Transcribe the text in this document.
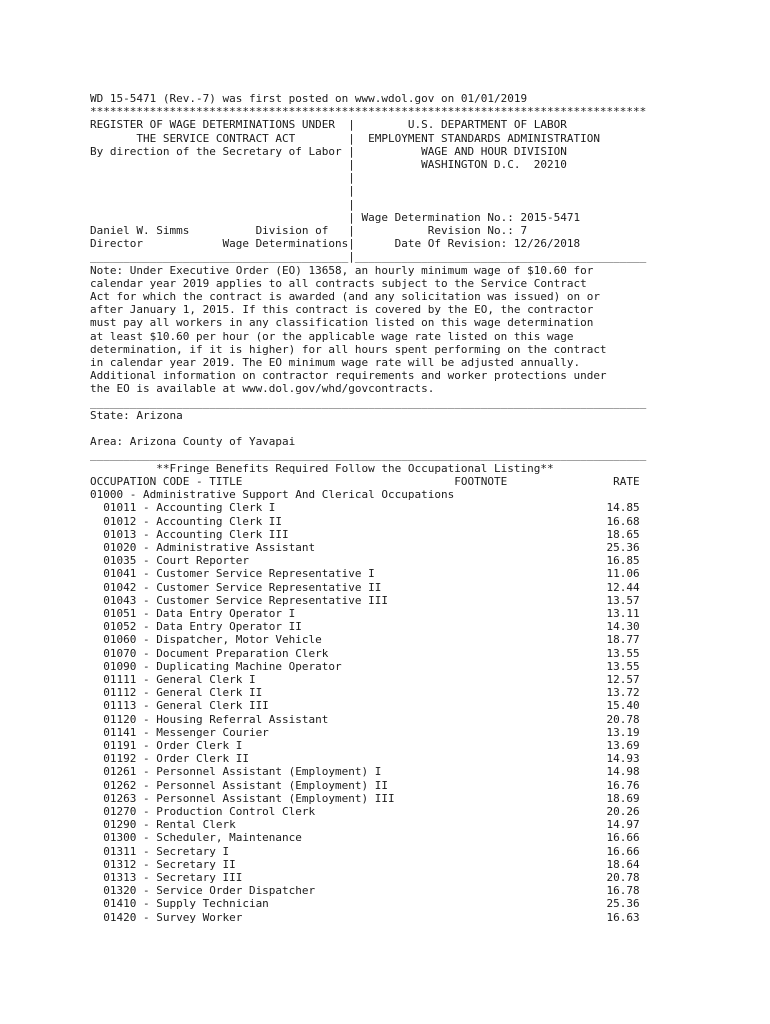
WD 15-5471 (Rev.-7) was first posted on www.wdol.gov on 01/01/2019
************************************************************************************
REGISTER OF WAGE DETERMINATIONS UNDER  |        U.S. DEPARTMENT OF LABOR
THE SERVICE CONTRACT ACT        |  EMPLOYMENT STANDARDS ADMINISTRATION
By direction of the Secretary of Labor |          WAGE AND HOUR DIVISION
|          WASHINGTON D.C.  20210
|
|
|
| Wage Determination No.: 2015-5471
Daniel W. Simms          Division of   |           Revision No.: 7
Director            Wage Determinations|      Date Of Revision: 12/26/2018
_______________________________________|____________________________________________
Note: Under Executive Order (EO) 13658, an hourly minimum wage of $10.60 for
calendar year 2019 applies to all contracts subject to the Service Contract
Act for which the contract is awarded (and any solicitation was issued) on or
after January 1, 2015. If this contract is covered by the EO, the contractor
must pay all workers in any classification listed on this wage determination
at least $10.60 per hour (or the applicable wage rate listed on this wage
determination, if it is higher) for all hours spent performing on the contract
in calendar year 2019. The EO minimum wage rate will be adjusted annually.
Additional information on contractor requirements and worker protections under
the EO is available at www.dol.gov/whd/govcontracts.
____________________________________________________________________________________
State: Arizona

Area: Arizona County of Yavapai
____________________________________________________________________________________
**Fringe Benefits Required Follow the Occupational Listing**
OCCUPATION CODE - TITLE                                FOOTNOTE                RATE
01000 - Administrative Support And Clerical Occupations
01011 - Accounting Clerk I                                                  14.85
01012 - Accounting Clerk II                                                 16.68
01013 - Accounting Clerk III                                                18.65
01020 - Administrative Assistant                                            25.36
01035 - Court Reporter                                                      16.85
01041 - Customer Service Representative I                                   11.06
01042 - Customer Service Representative II                                  12.44
01043 - Customer Service Representative III                                 13.57
01051 - Data Entry Operator I                                               13.11
01052 - Data Entry Operator II                                              14.30
01060 - Dispatcher, Motor Vehicle                                           18.77
01070 - Document Preparation Clerk                                          13.55
01090 - Duplicating Machine Operator                                        13.55
01111 - General Clerk I                                                     12.57
01112 - General Clerk II                                                    13.72
01113 - General Clerk III                                                   15.40
01120 - Housing Referral Assistant                                          20.78
01141 - Messenger Courier                                                   13.19
01191 - Order Clerk I                                                       13.69
01192 - Order Clerk II                                                      14.93
01261 - Personnel Assistant (Employment) I                                  14.98
01262 - Personnel Assistant (Employment) II                                 16.76
01263 - Personnel Assistant (Employment) III                                18.69
01270 - Production Control Clerk                                            20.26
01290 - Rental Clerk                                                        14.97
01300 - Scheduler, Maintenance                                              16.66
01311 - Secretary I                                                         16.66
01312 - Secretary II                                                        18.64
01313 - Secretary III                                                       20.78
01320 - Service Order Dispatcher                                            16.78
01410 - Supply Technician                                                   25.36
01420 - Survey Worker                                                       16.63
